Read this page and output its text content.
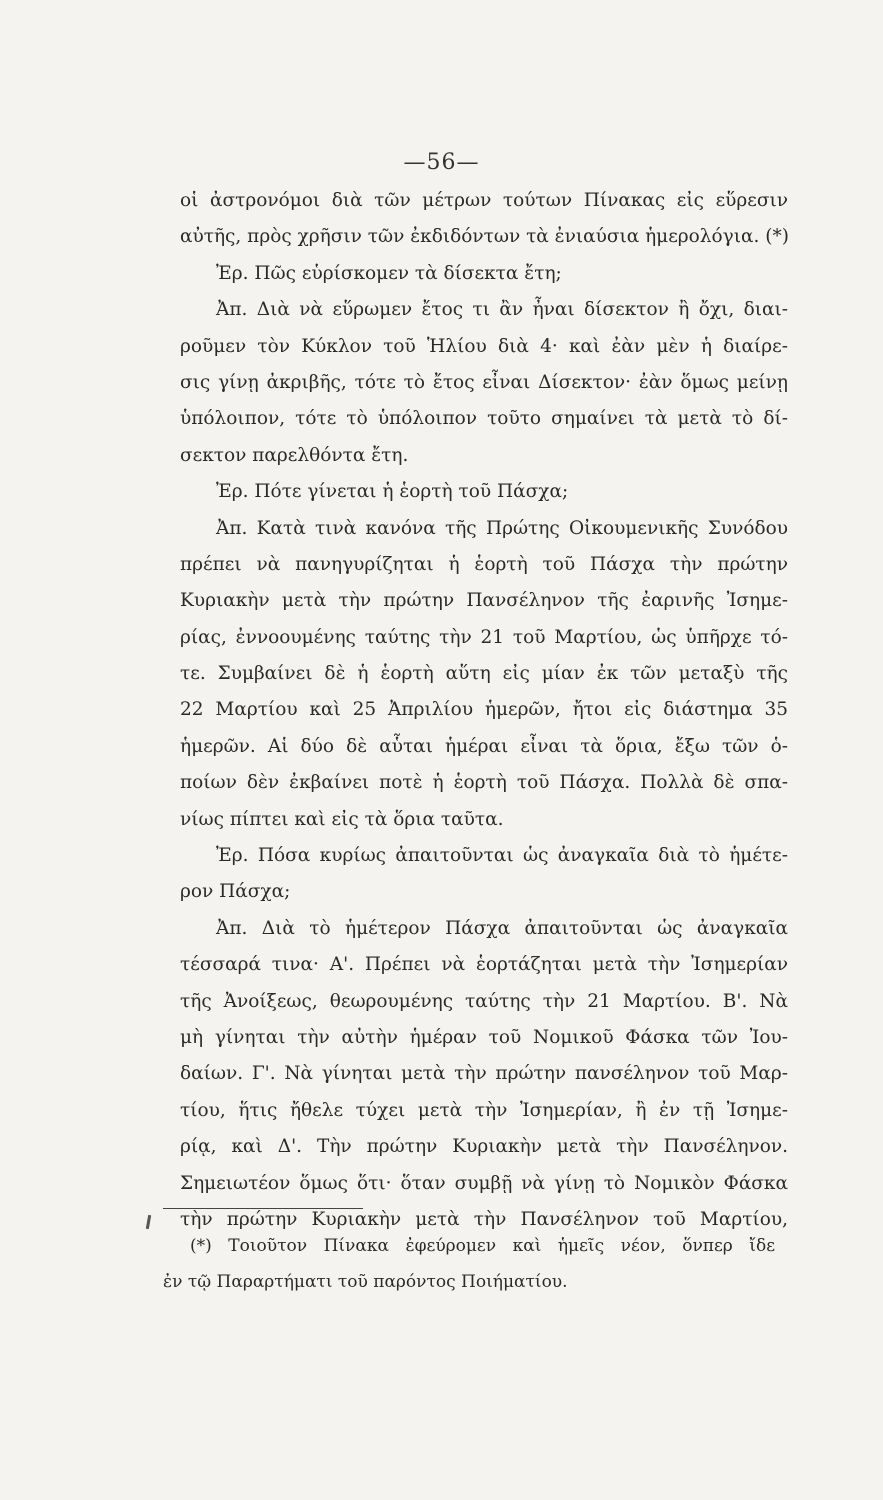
—56—
οἱ ἀστρονόμοι διὰ τῶν μέτρων τούτων Πίνακας εἰς εὕρεσιν
αὐτῆς, πρὸς χρῆσιν τῶν ἐκδιδόντων τὰ ἐνιαύσια ἡμερολόγια. (*)
Ἐρ. Πῶς εὑρίσκομεν τὰ δίσεκτα ἔτη;
Ἀπ. Διὰ νὰ εὕρωμεν ἔτος τι ἂν ἦναι δίσεκτον ἢ ὄχι, διαι-
ροῦμεν τὸν Κύκλον τοῦ Ἡλίου διὰ 4· καὶ ἐὰν μὲν ἡ διαίρε-
σις γίνῃ ἀκριβῆς, τότε τὸ ἔτος εἶναι Δίσεκτον· ἐὰν ὅμως μείνῃ
ὑπόλοιπον, τότε τὸ ὑπόλοιπον τοῦτο σημαίνει τὰ μετὰ τὸ δί-
σεκτον παρελθόντα ἔτη.
Ἐρ. Πότε γίνεται ἡ ἑορτὴ τοῦ Πάσχα;
Ἀπ. Κατὰ τινὰ κανόνα τῆς Πρώτης Οἰκουμενικῆς Συνόδου
πρέπει νὰ πανηγυρίζηται ἡ ἑορτὴ τοῦ Πάσχα τὴν πρώτην
Κυριακὴν μετὰ τὴν πρώτην Πανσέληνον τῆς ἐαρινῆς Ἰσημε-
ρίας, ἐννοουμένης ταύτης τὴν 21 τοῦ Μαρτίου, ὡς ὑπῆρχε τό-
τε. Συμβαίνει δὲ ἡ ἑορτὴ αὕτη εἰς μίαν ἐκ τῶν μεταξὺ τῆς
22 Μαρτίου καὶ 25 Ἀπριλίου ἡμερῶν, ἤτοι εἰς διάστημα 35
ἡμερῶν. Αἱ δύο δὲ αὗται ἡμέραι εἶναι τὰ ὅρια, ἔξω τῶν ὁ-
ποίων δὲν ἐκβαίνει ποτὲ ἡ ἑορτὴ τοῦ Πάσχα. Πολλὰ δὲ σπα-
νίως πίπτει καὶ εἰς τὰ ὅρια ταῦτα.
Ἐρ. Πόσα κυρίως ἀπαιτοῦνται ὡς ἀναγκαῖα διὰ τὸ ἡμέτε-
ρον Πάσχα;
Ἀπ. Διὰ τὸ ἡμέτερον Πάσχα ἀπαιτοῦνται ὡς ἀναγκαῖα
τέσσαρά τινα· Α'. Πρέπει νὰ ἑορτάζηται μετὰ τὴν Ἰσημερίαν
τῆς Ἀνοίξεως, θεωρουμένης ταύτης τὴν 21 Μαρτίου. Β'. Νὰ
μὴ γίνηται τὴν αὐτὴν ἡμέραν τοῦ Νομικοῦ Φάσκα τῶν Ἰου-
δαίων. Γ'. Νὰ γίνηται μετὰ τὴν πρώτην πανσέληνον τοῦ Μαρ-
τίου, ἥτις ἤθελε τύχει μετὰ τὴν Ἰσημερίαν, ἢ ἐν τῇ Ἰσημε-
ρίᾳ, καὶ Δ'. Τὴν πρώτην Κυριακὴν μετὰ τὴν Πανσέληνον.
Σημειωτέον ὅμως ὅτι· ὅταν συμβῇ νὰ γίνῃ τὸ Νομικὸν Φάσκα
τὴν πρώτην Κυριακὴν μετὰ τὴν Πανσέληνον τοῦ Μαρτίου,
(*) Τοιοῦτον Πίνακα ἐφεύρομεν καὶ ἡμεῖς νέον, ὅνπερ ἴδε
ἐν τῷ Παραρτήματι τοῦ παρόντος Ποιήματίου.
